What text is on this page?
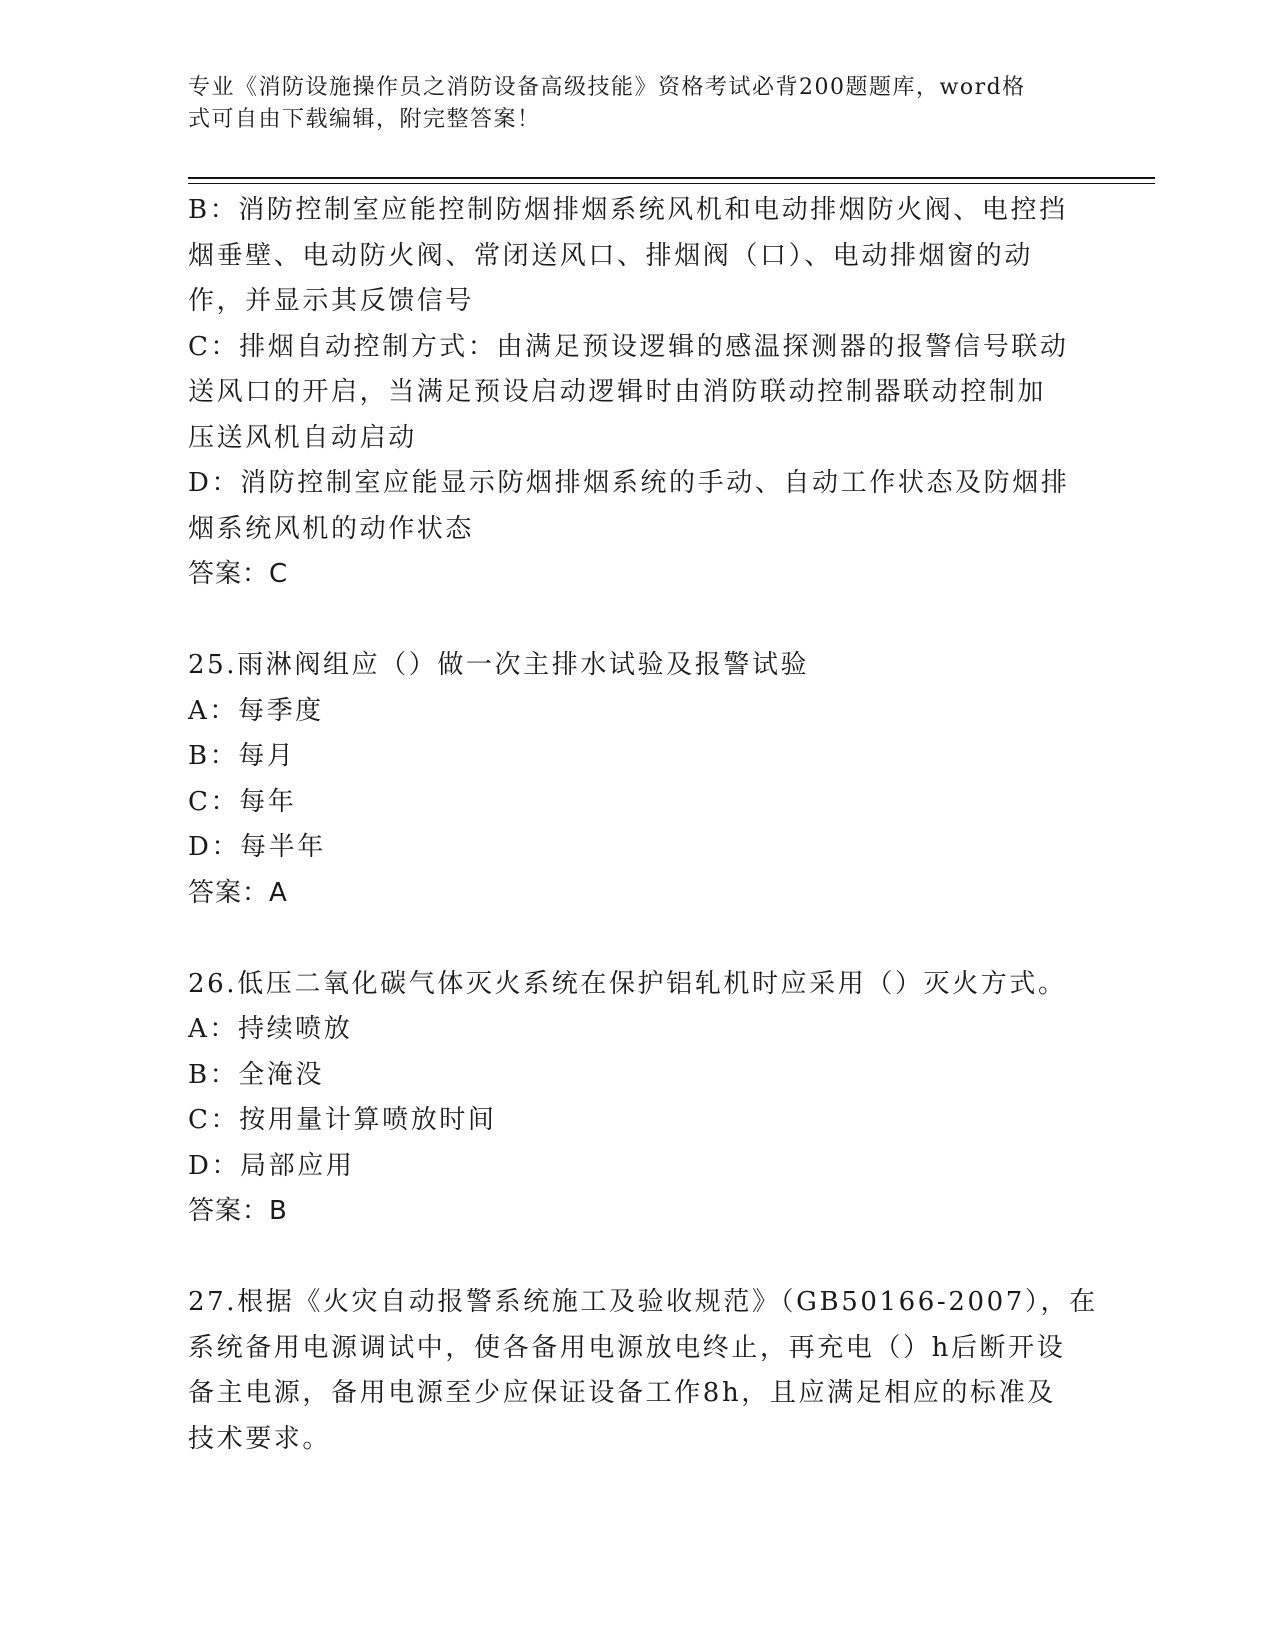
专业《消防设施操作员之消防设备高级技能》资格考试必背200题题库，word格
式可自由下载编辑，附完整答案！
B：消防控制室应能控制防烟排烟系统风机和电动排烟防火阀、电控挡
烟垂壁、电动防火阀、常闭送风口、排烟阀（口）、电动排烟窗的动
作，并显示其反馈信号
C：排烟自动控制方式：由满足预设逻辑的感温探测器的报警信号联动
送风口的开启，当满足预设启动逻辑时由消防联动控制器联动控制加
压送风机自动启动
D：消防控制室应能显示防烟排烟系统的手动、自动工作状态及防烟排
烟系统风机的动作状态
答案：C
25.雨淋阀组应（）做一次主排水试验及报警试验
A：每季度
B：每月
C：每年
D：每半年
答案：A
26.低压二氧化碳气体灭火系统在保护铝轧机时应采用（）灭火方式。
A：持续喷放
B：全淹没
C：按用量计算喷放时间
D：局部应用
答案：B
27.根据《火灾自动报警系统施工及验收规范》（GB50166-2007），在
系统备用电源调试中，使各备用电源放电终止，再充电（）h后断开设
备主电源，备用电源至少应保证设备工作8h，且应满足相应的标准及
技术要求。
